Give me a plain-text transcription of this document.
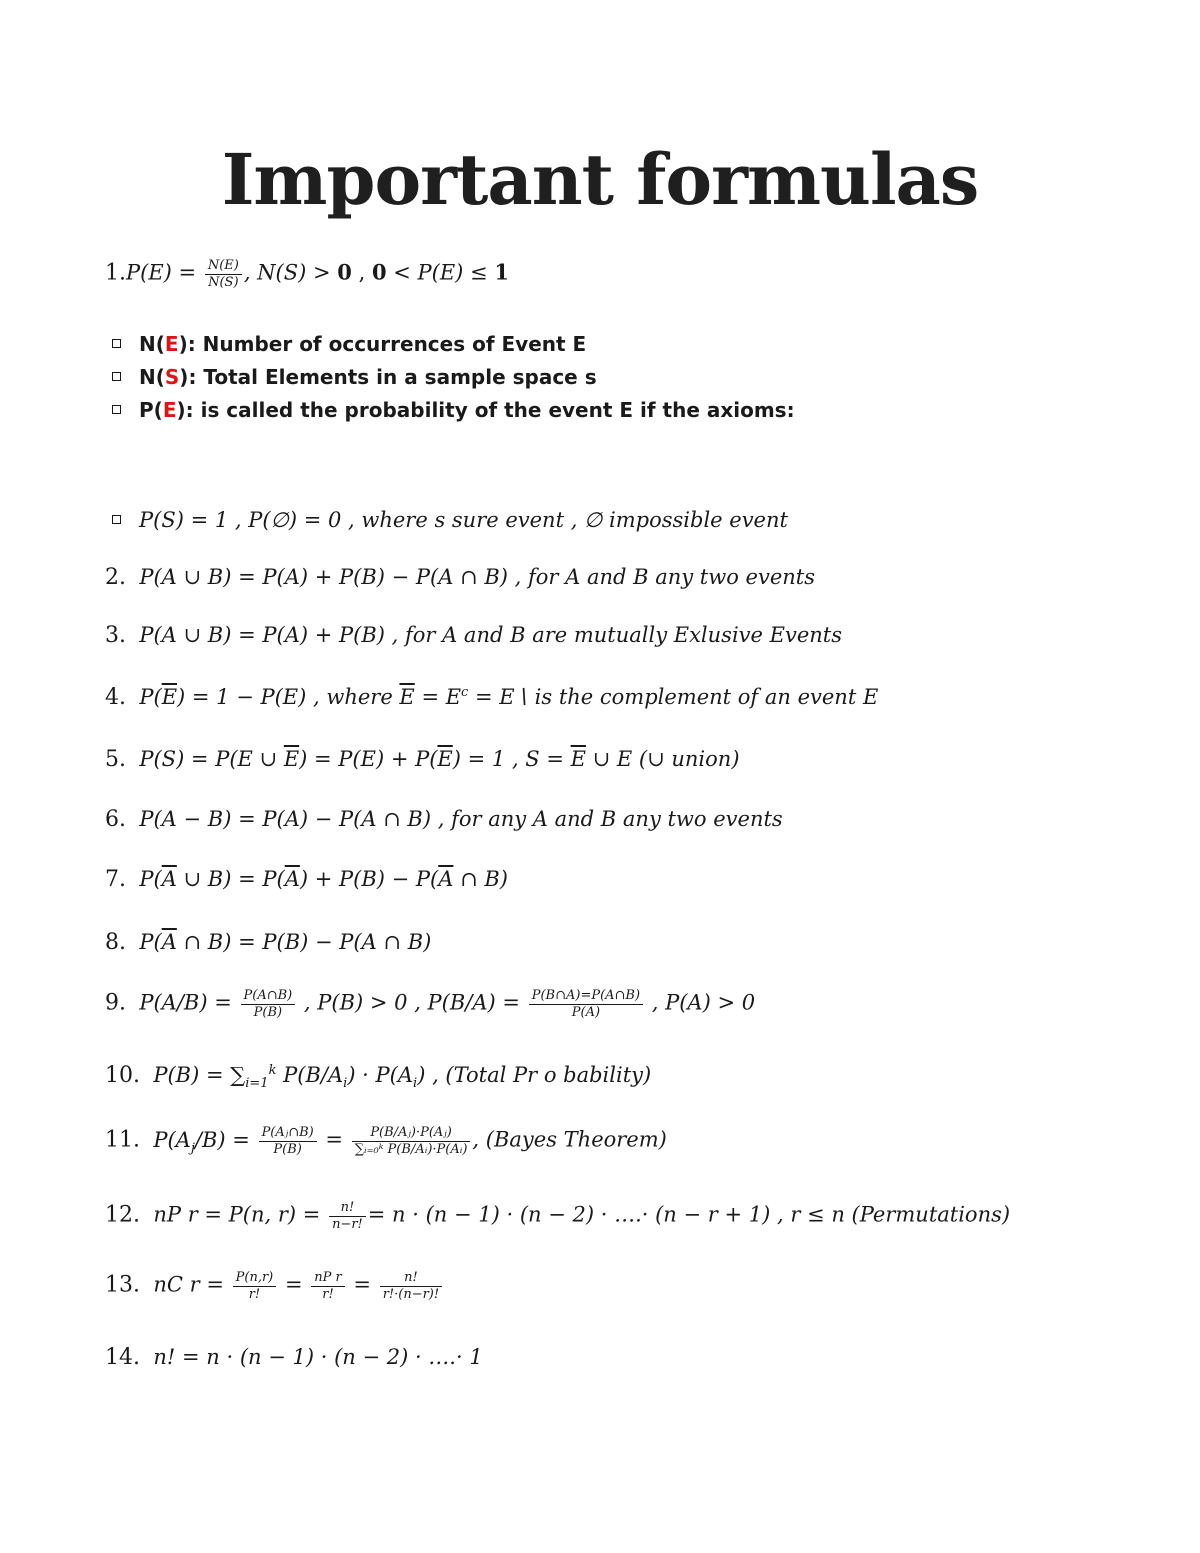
Important formulas
$1.P(E) = \frac{N(E)}{N(S)}$ , N(S) > 0 , 0 < P(E) ≤ 1
N(E): Number of occurrences of Event E
N(S): Total Elements in a sample space s
P(E): is called the probability of the event E if the axioms:
P(S) = 1 , P(∅) = 0 , where s sure event , ∅ impossible event
2. P(A ∪ B) = P(A) + P(B) − P(A ∩ B) , for A and B any two events
3. P(A ∪ B) = P(A) + P(B) , for A and B are mutually Exlusive Events
4. $P(\overline{E}) = 1 - P(E)$ , where $\overline{E} = E^c$ = E∖ is the complement of an event E
5. P(S) = P(E ∪ $\overline{E}) = P(E) + P(\overline{E}) = 1$ , $S = \overline{E}$ ∪ E (∪ union)
6. P(A − B) = P(A) − P(A ∩ B) , for any A and B any two events
7. $P(\overline{A}$ ∪ $B) = P(\overline{A}) + P(B) - P(\overline{A}$ ∩ B)
8. $P(\overline{A}$ ∩ B) = P(B) − P(A ∩ B)
9. $P(A/B) = \frac{P(A\cap B)}{P(B)}$ , P(B) > 0 , $P(B/A) = \frac{P(B\cap A)=P(A\cap B)}{P(A)}$ , P(A) > 0
10. $P(B) = \sum_{i=1}^k$ $P(B/A_i) \cdot P(A_i)$ , (Total Pr o bability)
11. $P(A_j/B) = \frac{\text{P(Aⱼ∩B)}}{P(B)} = \frac{\text{P(B/Aⱼ)·P(Aⱼ)}}{\text{∑ᵢ₌₀ᵏ P(B/Aᵢ)·P(Aᵢ)}}$ , (Bayes Theorem)
12. nP r = P(n, $r) = \frac{n!}{n-r!} = n \cdot (n - 1) \cdot (n - 2)$ · ….· (n − r + 1) , r ≤ n (Permutations)
13. nC $r = \frac{P(n,r)}{r!} = \frac{\text{nP r}}{r!} = \frac{n!}{r!\cdot(n-r)!}$
14. n! = n · (n − 1) · (n − 2) · ….· 1
